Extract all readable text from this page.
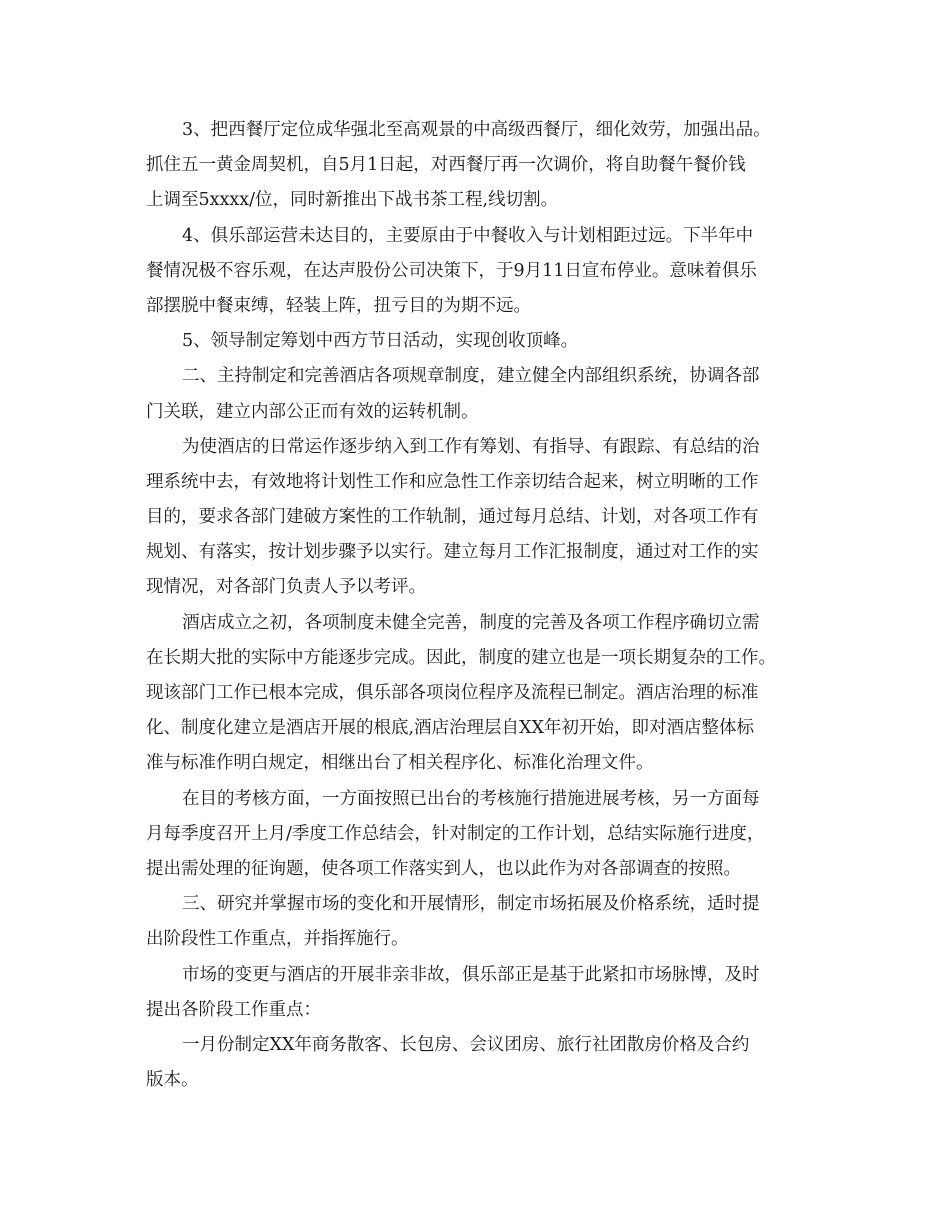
3、把西餐厅定位成华强北至高观景的中高级西餐厅，细化效劳，加强出品。
抓住五一黄金周契机，自5月1日起，对西餐厅再一次调价，将自助餐午餐价钱
上调至5xxxx/位，同时新推出下战书茶工程,线切割。
4、俱乐部运营未达目的，主要原由于中餐收入与计划相距过远。下半年中
餐情况极不容乐观，在达声股份公司决策下，于9月11日宣布停业。意味着俱乐
部摆脱中餐束缚，轻装上阵，扭亏目的为期不远。
5、领导制定筹划中西方节日活动，实现创收顶峰。
二、主持制定和完善酒店各项规章制度，建立健全内部组织系统，协调各部
门关联，建立内部公正而有效的运转机制。
为使酒店的日常运作逐步纳入到工作有筹划、有指导、有跟踪、有总结的治
理系统中去，有效地将计划性工作和应急性工作亲切结合起来，树立明晰的工作
目的，要求各部门建破方案性的工作轨制，通过每月总结、计划，对各项工作有
规划、有落实，按计划步骤予以实行。建立每月工作汇报制度，通过对工作的实
现情况，对各部门负责人予以考评。
酒店成立之初，各项制度未健全完善，制度的完善及各项工作程序确切立需
在长期大批的实际中方能逐步完成。因此，制度的建立也是一项长期复杂的工作。
现该部门工作已根本完成，俱乐部各项岗位程序及流程已制定。酒店治理的标准
化、制度化建立是酒店开展的根底,酒店治理层自XX年初开始，即对酒店整体标
准与标准作明白规定，相继出台了相关程序化、标准化治理文件。
在目的考核方面，一方面按照已出台的考核施行措施进展考核，另一方面每
月每季度召开上月/季度工作总结会，针对制定的工作计划，总结实际施行进度，
提出需处理的征询题，使各项工作落实到人，也以此作为对各部调查的按照。
三、研究并掌握市场的变化和开展情形，制定市场拓展及价格系统，适时提
出阶段性工作重点，并指挥施行。
市场的变更与酒店的开展非亲非故，俱乐部正是基于此紧扣市场脉博，及时
提出各阶段工作重点：
一月份制定XX年商务散客、长包房、会议团房、旅行社团散房价格及合约
版本。
